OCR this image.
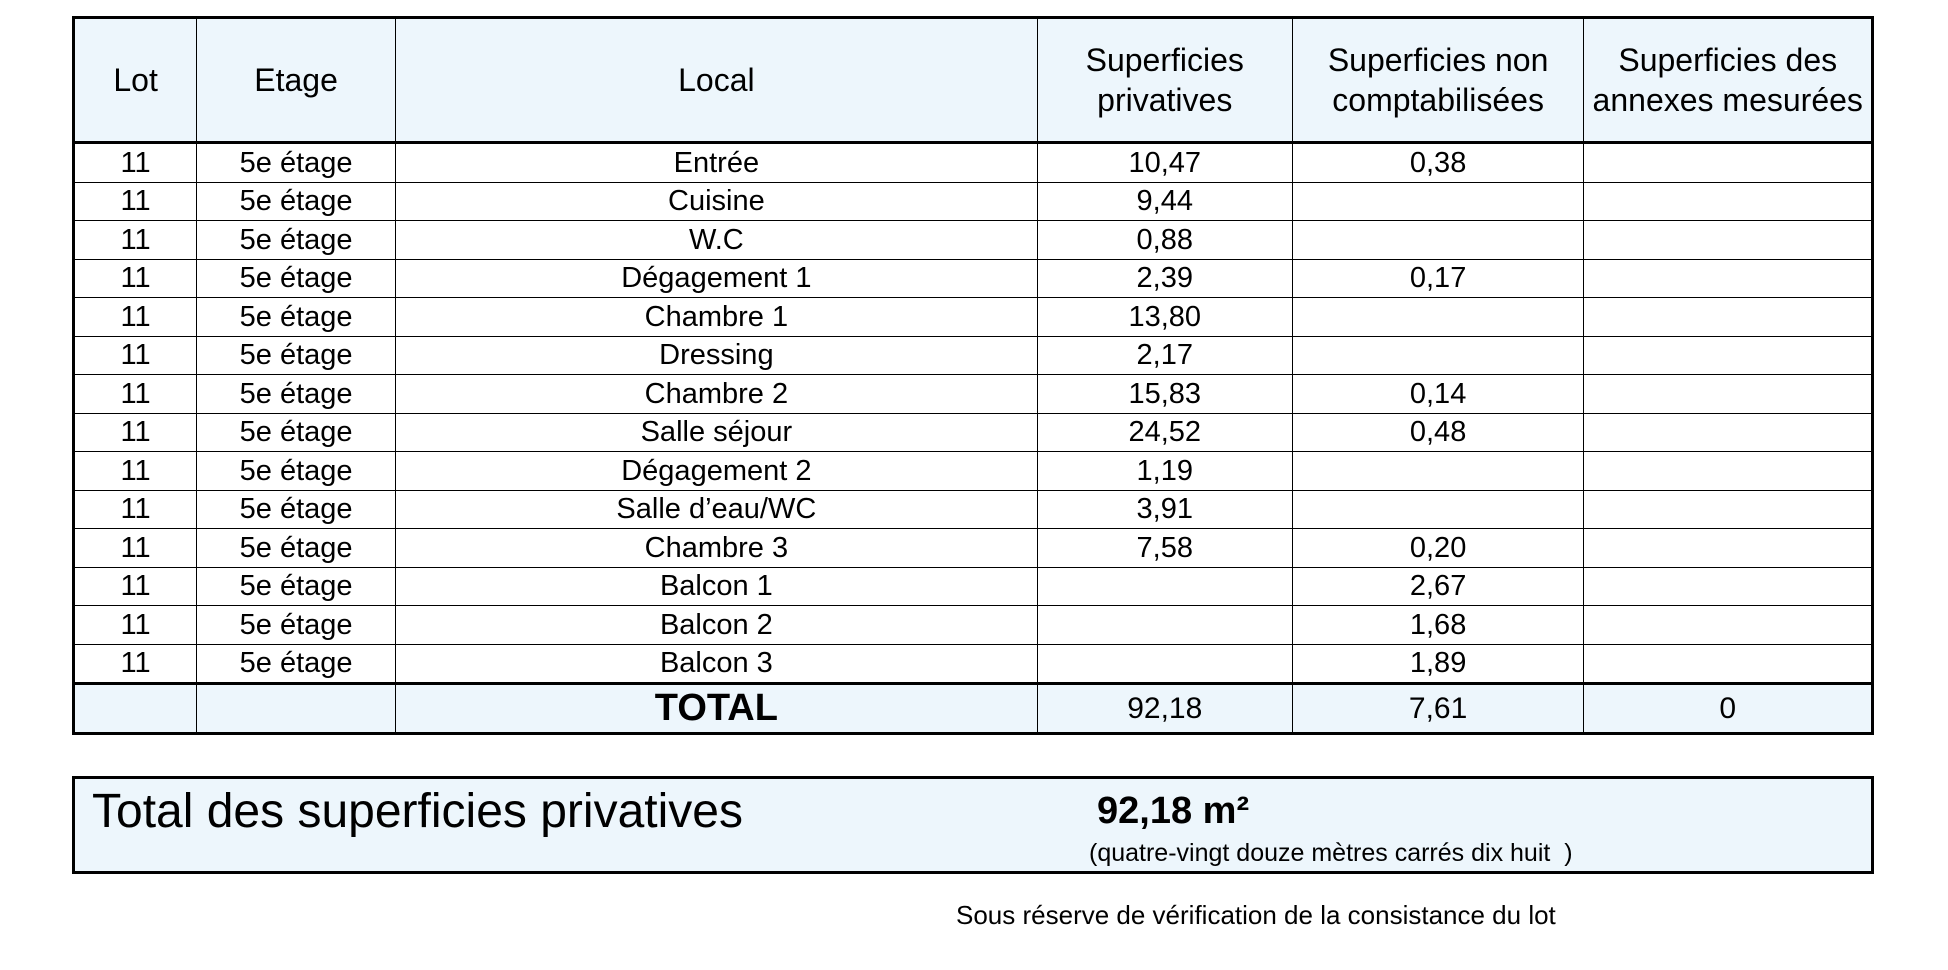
Lot	Etage	Local	Superficies privatives	Superficies non comptabilisées	Superficies des annexes mesurées
11	5e étage	Entrée	10,47	0,38	
11	5e étage	Cuisine	9,44		
11	5e étage	W.C	0,88		
11	5e étage	Dégagement 1	2,39	0,17	
11	5e étage	Chambre 1	13,80		
11	5e étage	Dressing	2,17		
11	5e étage	Chambre 2	15,83	0,14	
11	5e étage	Salle séjour	24,52	0,48	
11	5e étage	Dégagement 2	1,19		
11	5e étage	Salle d’eau/WC	3,91		
11	5e étage	Chambre 3	7,58	0,20	
11	5e étage	Balcon 1		2,67	
11	5e étage	Balcon 2		1,68	
11	5e étage	Balcon 3		1,89	
		TOTAL	92,18	7,61	0
Total des superficies privatives	92,18 m²
(quatre-vingt douze mètres carrés dix huit  )
Sous réserve de vérification de la consistance du lot
